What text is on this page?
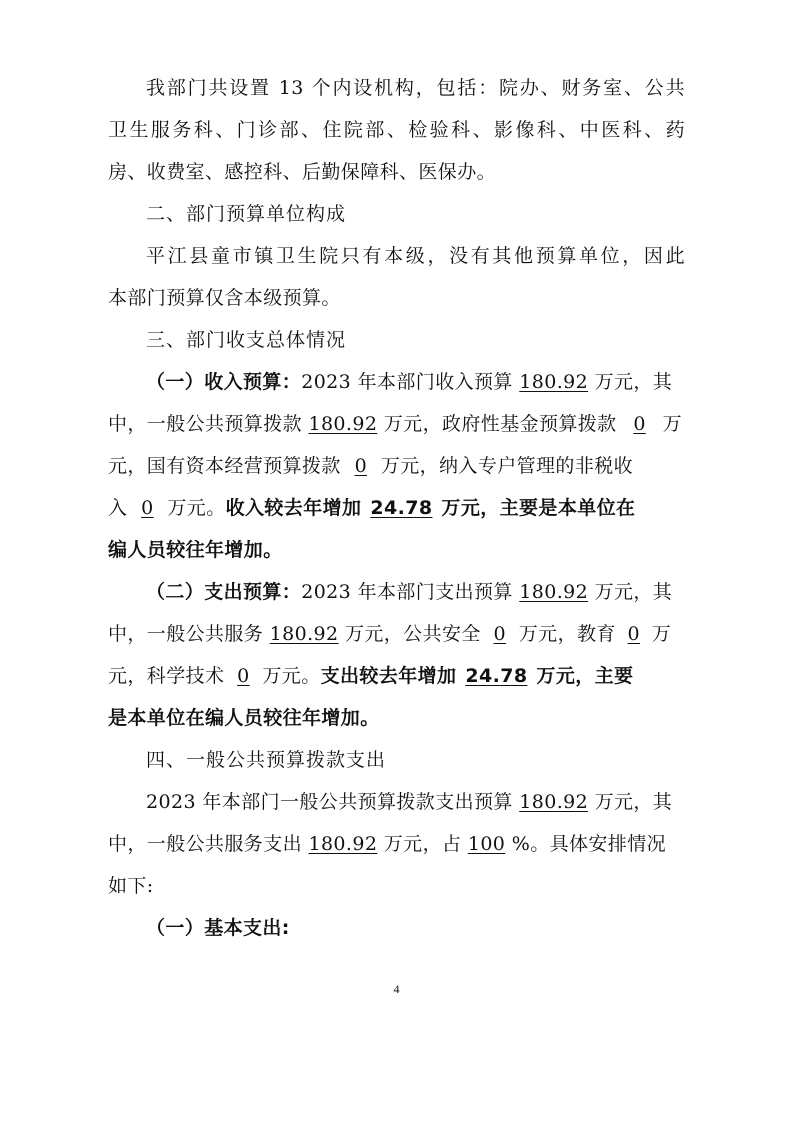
我部门共设置 13 个内设机构，包括：院办、财务室、公共
卫生服务科、门诊部、住院部、检验科、影像科、中医科、药
房、收费室、感控科、后勤保障科、医保办。
二、部门预算单位构成
平江县童市镇卫生院只有本级，没有其他预算单位，因此
本部门预算仅含本级预算。
三、部门收支总体情况
（一）收入预算：2023 年本部门收入预算 180.92 万元，其
中，一般公共预算拨款 180.92 万元，政府性基金预算拨款 0 万
元，国有资本经营预算拨款 0 万元，纳入专户管理的非税收
入 0 万元。收入较去年增加 24.78 万元，主要是本单位在
编人员较往年增加。
（二）支出预算：2023 年本部门支出预算 180.92 万元，其
中，一般公共服务 180.92 万元，公共安全 0 万元，教育 0 万
元，科学技术 0 万元。支出较去年增加 24.78 万元，主要
是本单位在编人员较往年增加。
四、一般公共预算拨款支出
2023 年本部门一般公共预算拨款支出预算 180.92 万元，其
中，一般公共服务支出 180.92 万元，占 100 %。具体安排情况
如下:
（一）基本支出:
4
